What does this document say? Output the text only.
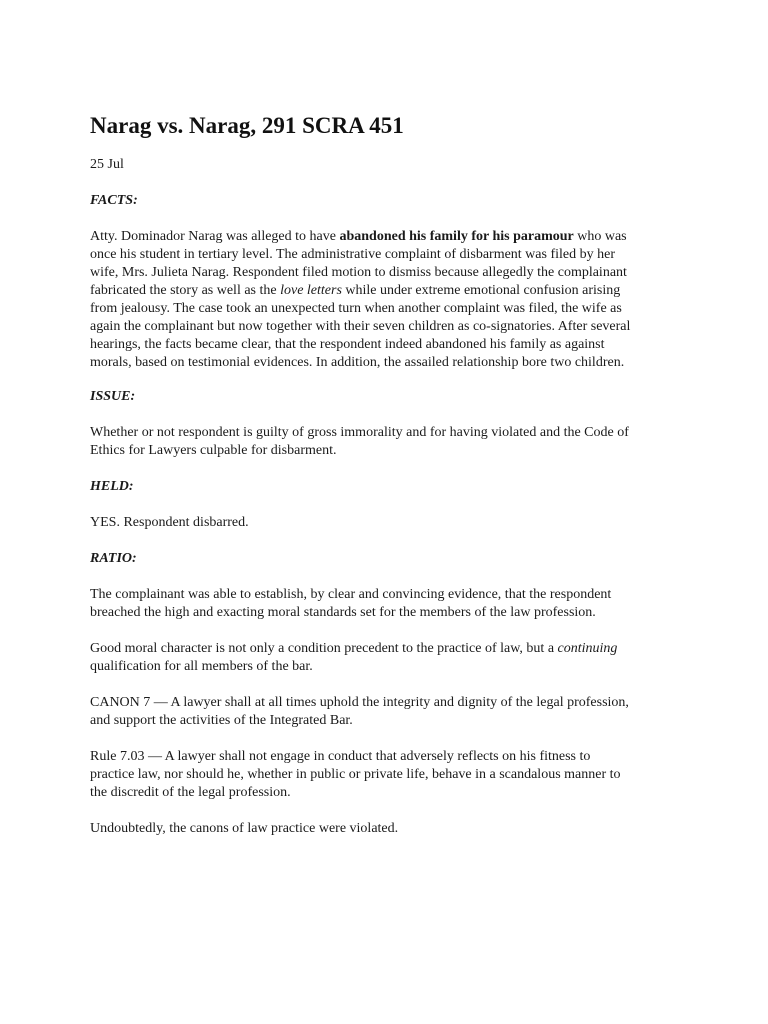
Narag vs. Narag, 291 SCRA 451

25 Jul

FACTS:

Atty. Dominador Narag was alleged to have abandoned his family for his paramour who was
once his student in tertiary level. The administrative complaint of disbarment was filed by her
wife, Mrs. Julieta Narag. Respondent filed motion to dismiss because allegedly the complainant
fabricated the story as well as the love letters while under extreme emotional confusion arising
from jealousy. The case took an unexpected turn when another complaint was filed, the wife as
again the complainant but now together with their seven children as co-signatories. After several
hearings, the facts became clear, that the respondent indeed abandoned his family as against
morals, based on testimonial evidences. In addition, the assailed relationship bore two children.

ISSUE:

Whether or not respondent is guilty of gross immorality and for having violated and the Code of
Ethics for Lawyers culpable for disbarment.

HELD:

YES. Respondent disbarred.

RATIO:

The complainant was able to establish, by clear and convincing evidence, that the respondent
breached the high and exacting moral standards set for the members of the law profession.

Good moral character is not only a condition precedent to the practice of law, but a continuing
qualification for all members of the bar.

CANON 7 — A lawyer shall at all times uphold the integrity and dignity of the legal profession,
and support the activities of the Integrated Bar.

Rule 7.03 — A lawyer shall not engage in conduct that adversely reflects on his fitness to
practice law, nor should he, whether in public or private life, behave in a scandalous manner to
the discredit of the legal profession.

Undoubtedly, the canons of law practice were violated.
